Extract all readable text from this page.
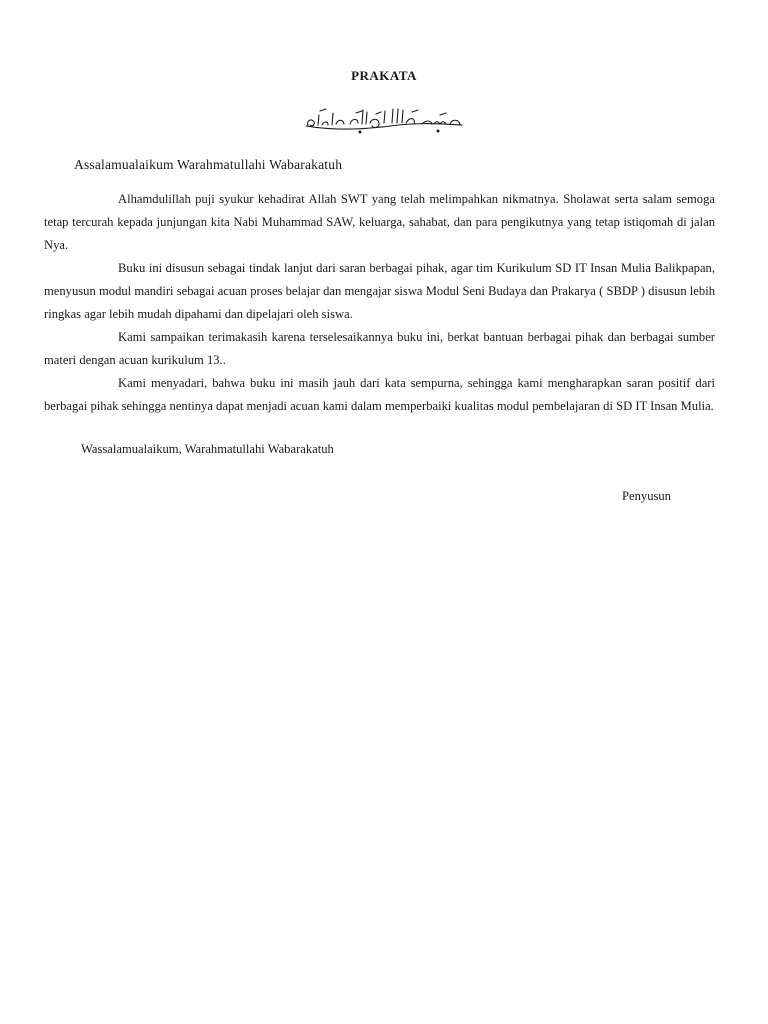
PRAKATA
Assalamualaikum Warahmatullahi Wabarakatuh

Alhamdulillah puji syukur kehadirat Allah SWT yang telah melimpahkan nikmatnya. Sholawat serta salam semoga tetap tercurah kepada junjungan kita Nabi Muhammad SAW, keluarga, sahabat, dan para pengikutnya yang tetap istiqomah di jalan Nya.

Buku ini disusun sebagai tindak lanjut dari saran berbagai pihak, agar tim Kurikulum SD IT Insan Mulia Balikpapan, menyusun modul mandiri sebagai acuan proses belajar dan mengajar siswa Modul Seni Budaya dan Prakarya ( SBDP ) disusun lebih ringkas agar lebih mudah dipahami dan dipelajari oleh siswa.

Kami sampaikan terimakasih karena terselesaikannya buku ini, berkat bantuan berbagai pihak dan berbagai sumber materi dengan acuan kurikulum 13..

Kami menyadari, bahwa buku ini masih jauh dari kata sempurna, sehingga kami mengharapkan saran positif dari berbagai pihak sehingga nentinya dapat menjadi acuan kami dalam memperbaiki kualitas modul pembelajaran di SD IT Insan Mulia.

Wassalamualaikum, Warahmatullahi Wabarakatuh
Penyusun
